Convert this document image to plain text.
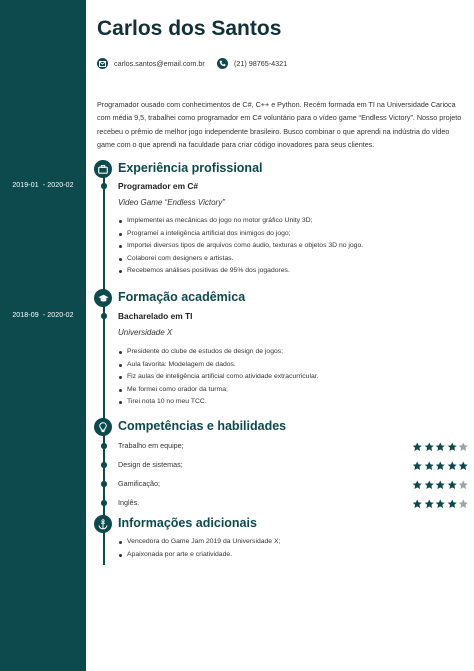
Carlos dos Santos
carlos.santos@email.com.br	(21) 98765-4321
Programador ousado com conhecimentos de C#, C++ e Python. Recém formada em TI na Universidade Carioca com média 9,5, trabalhei como programador em C# voluntário para o vídeo game “Endless Victory”. Nosso projeto recebeu o prêmio de melhor jogo independente brasileiro. Busco combinar o que aprendi na indústria do vídeo game com o que aprendi na faculdade para criar código inovadores para seus clientes.
Experiência profissional
2019-01  - 2020-02	Programador em C#
Video Game “Endless Victory”
Implementei as mecânicas do jogo no motor gráfico Unity 3D;
Programei a inteligência artificial dos inimigos do jogo;
Importei diversos tipos de arquivos como áudio, texturas e objetos 3D no jogo.
Colaborei com designers e artistas.
Recebemos análises positivas de 95% dos jogadores.
Formação acadêmica
2018-09  - 2020-02	Bacharelado em TI
Universidade X
Presidente do clube de estudos de design de jogos;
Aula favorita: Modelagem de dados.
Fiz aulas de inteligência artificial como atividade extracurricular.
Me formei como orador da turma;
Tirei nota 10 no meu TCC.
Competências e habilidades
Trabalho em equipe;
Design de sistemas;
Gamificação;
Inglês.
Informações adicionais
Vencedora do Game Jam 2019 da Universidade X;
Apaixonada por arte e criatividade.
